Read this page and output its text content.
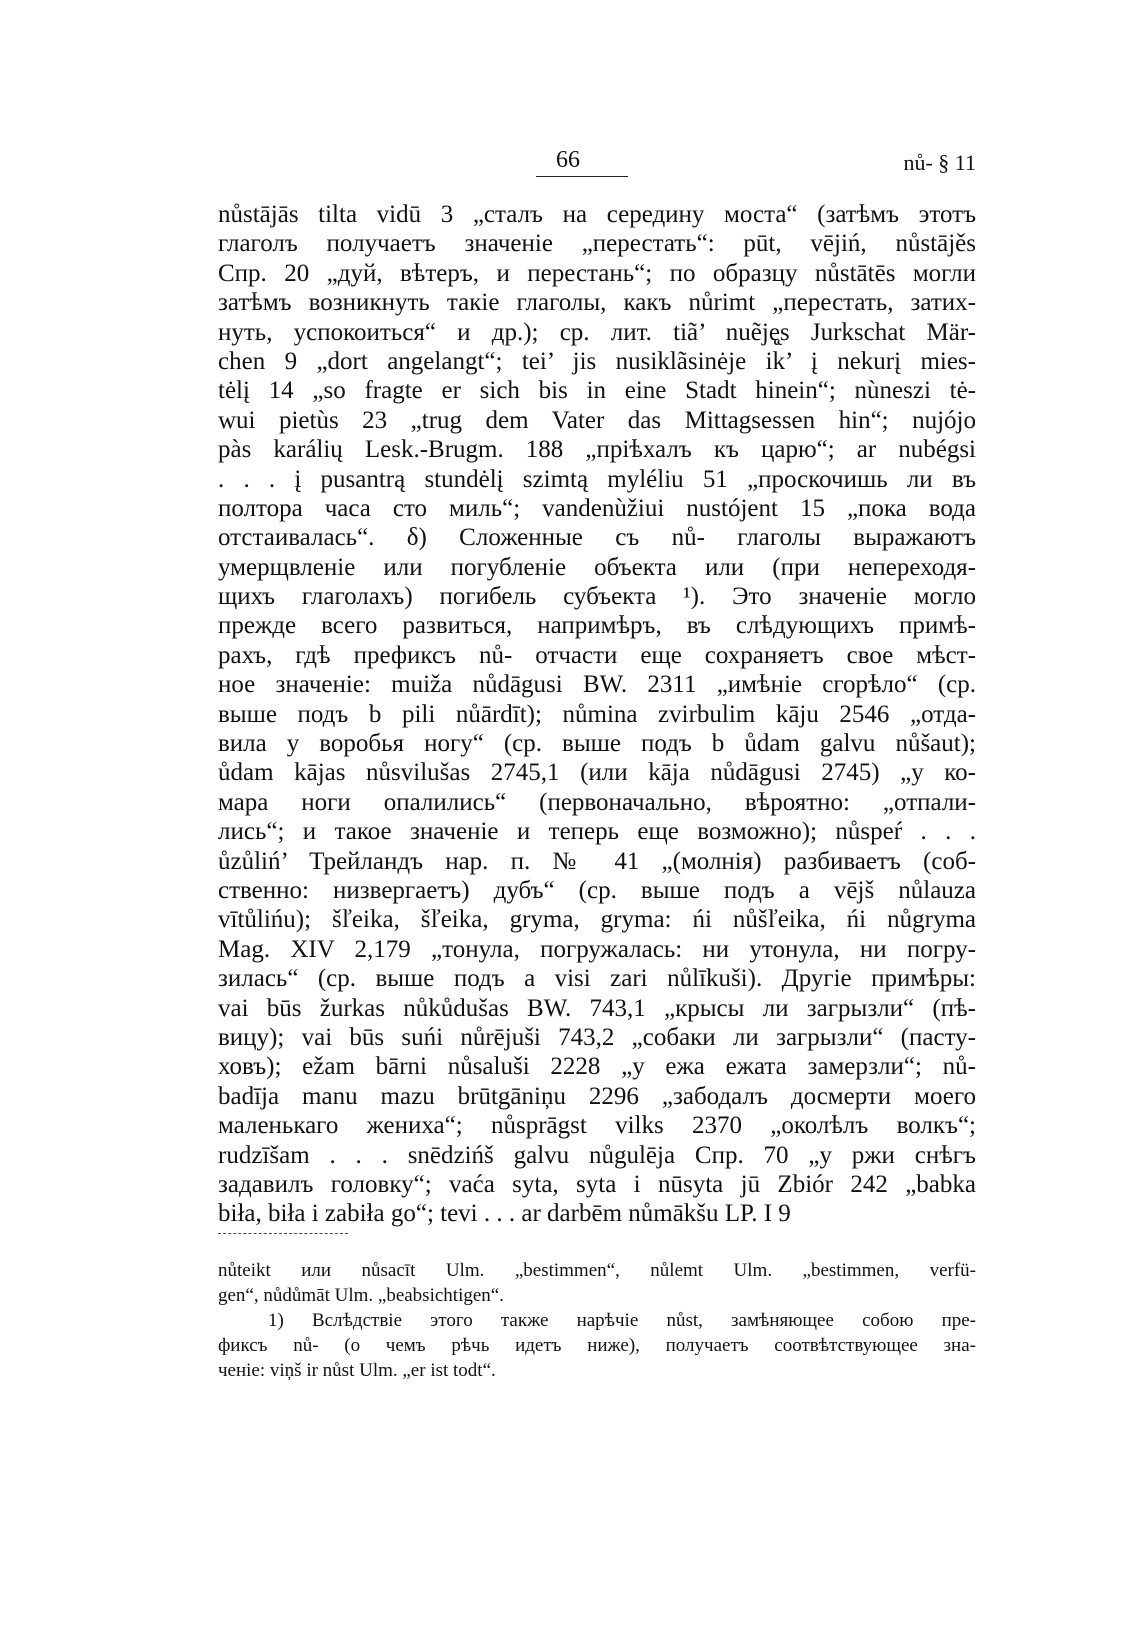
66	nů- § 11
nůstājās tilta vidū 3 „сталъ на середину моста“ (затѣмъ этотъ
глаголъ получаетъ значенiе „перестать“: pūt, vējiń, nůstājěs
Спр. 20 „дуй, вѣтеръ, и перестань“; по образцу nůstātēs могли
затѣмъ возникнуть такiе глаголы, какъ nůrimt „перестать, затих-
нуть, успокоиться“ и др.); ср. лит. tiã’ nuẽję̨s Jurkschat Mär-
chen 9 „dort angelangt“; tei’ jis nusiklãsinėje ik’ į nekurį mies-
tėlį 14 „so fragte er sich bis in eine Stadt hinein“; nùneszi tė-
wui pietùs 23 „trug dem Vater das Mittagsessen hin“; nujójo
pàs karálių Lesk.-Brugm. 188 „прiѣхалъ къ царю“; ar nubégsi
. . . į pusantrą stundėlį szimtą myléliu 51 „проскочишь ли въ
полтора часа сто миль“; vandenùžiui nustójent 15 „пока вода
отстаивалась“. δ) Сложенные съ nů- глаголы выражаютъ
умерщвленiе или погубленiе объекта или (при непереходя-
щихъ глаголахъ) погибель субъекта ¹). Это значенiе могло
прежде всего развиться, напримѣръ, въ слѣдующихъ примѣ-
рахъ, гдѣ префиксъ nů- отчасти еще сохраняетъ свое мѣст-
ное значенiе: muiža nůdāgusi BW. 2311 „имѣнiе сгорѣло“ (ср.
выше подъ b pili nůārdīt); nůmina zvirbulim kāju 2546 „отда-
вила у воробья ногу“ (ср. выше подъ b ůdam galvu nůšaut);
ůdam kājas nůsvilušas 2745,1 (или kāja nůdāgusi 2745) „у ко-
мара ноги опалились“ (первоначально, вѣроятно: „отпали-
лись“; и такое значенiе и теперь еще возможно); nůspeŕ . . .
ůzůliń’ Трейландъ нар. п. № 41 „(молнiя) разбиваетъ (соб-
ственно: низвергаетъ) дубъ“ (ср. выше подъ a vējš nůlauza
vītůlińu); šľeika, šľeika, gryma, gryma: ńi nůšľeika, ńi nůgryma
Mag. XIV 2,179 „тонула, погружалась: ни утонула, ни погру-
зилась“ (ср. выше подъ a visi zari nůlīkuši). Другiе примѣры:
vai būs žurkas nůkůdušas BW. 743,1 „крысы ли загрызли“ (пѣ-
вицу); vai būs suńi nůrējuši 743,2 „собаки ли загрызли“ (пасту-
ховъ); ežam bārni nůsaluši 2228 „у ежа ежата замерзли“; nů-
badīja manu mazu brūtgāniņu 2296 „забодалъ досмерти моего
маленькаго жениха“; nůsprāgst vilks 2370 „околѣлъ волкъ“;
rudzīšam . . . snēdzińš galvu nůgulēja Спр. 70 „у ржи снѣгъ
задавилъ головку“; vaća syta, syta i nūsyta jū Zbiór 242 „babka
biła, biła i zabiła go“; tevi . . . ar darbēm nůmākšu LP. I 9
nůteikt или nůsacīt Ulm. „bestimmen“, nůlemt Ulm. „bestimmen, verfü-
gen“, nůdůmāt Ulm. „beabsichtigen“.
1) Вслѣдствiе этого также нарѣчiе nůst, замѣняющее собою пре-
фиксъ nů- (о чемъ рѣчь идетъ ниже), получаетъ соотвѣтствующее зна-
ченiе: viņš ir nůst Ulm. „er ist todt“.
